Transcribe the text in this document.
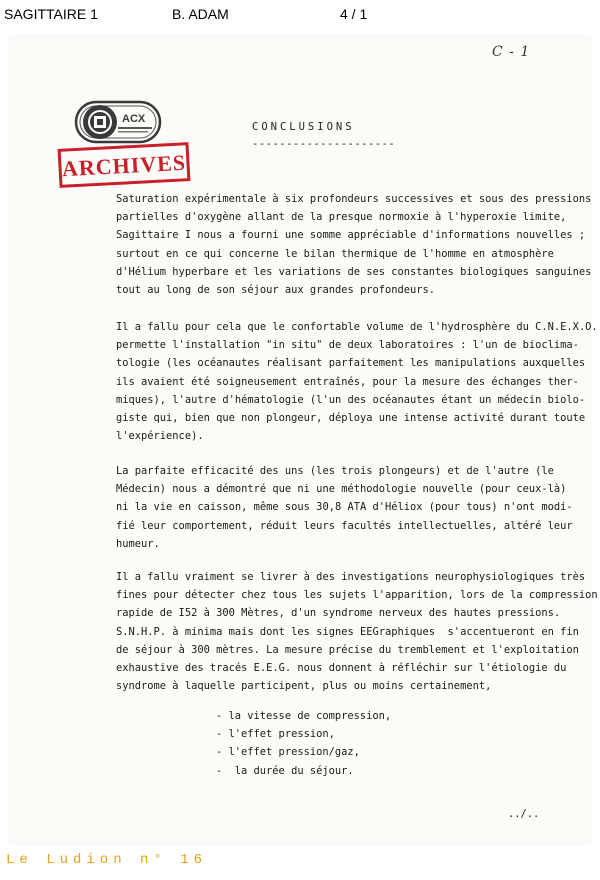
SAGITTAIRE 1	B. ADAM	4 / 1
C - 1
ACX
ARCHIVES
CONCLUSIONS
---------------------
Saturation expérimentale à six profondeurs successives et sous des pressions
partielles d'oxygène allant de la presque normoxie à l'hyperoxie limite,
Sagittaire I nous a fourni une somme appréciable d'informations nouvelles
surtout en ce qui concerne le bilan thermique de l'homme en atmosphère
d'Hélium hyperbare et les variations de ses constantes biologiques sanguines
tout au long de son séjour aux grandes profondeurs.
Il a fallu pour cela que le confortable volume de l'hydrosphère du C.N.E.X.O.
permette l'installation "in situ" de deux laboratoires : l'un de bioclima-
tologie (les océanautes réalisant parfaitement les manipulations auxquelles
ils avaient été soigneusement entraînés, pour la mesure des échanges ther-
miques), l'autre d'hématologie (l'un des océanautes étant un médecin biolo-
giste qui, bien que non plongeur, déploya une intense activité durant toute
l'expérience).
La parfaite efficacité des uns (les trois plongeurs) et de l'autre (le
Médecin) nous a démontré que ni une méthodologie nouvelle (pour ceux-là)
ni la vie en caisson, même sous 30,8 ATA d'Héliox (pour tous) n'ont modi-
fié leur comportement, réduit leurs facultés intellectuelles, altéré leur
humeur.
Il a fallu vraiment se livrer à des investigations neurophysiologiques très
fines pour détecter chez tous les sujets l'apparition, lors de la compression
rapide de I52 à 300 Mètres, d'un syndrome nerveux des hautes pressions.
S.N.H.P. à minima mais dont les signes EEGraphiques  s'accentueront en fin
de séjour à 300 mètres. La mesure précise du tremblement et l'exploitation
exhaustive des tracés E.E.G. nous donnent à réfléchir sur l'étiologie du
syndrome à laquelle participent, plus ou moins certainement,
- la vitesse de compression,
- l'effet pression,
- l'effet pression/gaz,
-  la durée du séjour.
../..
Le Ludion n° 16
